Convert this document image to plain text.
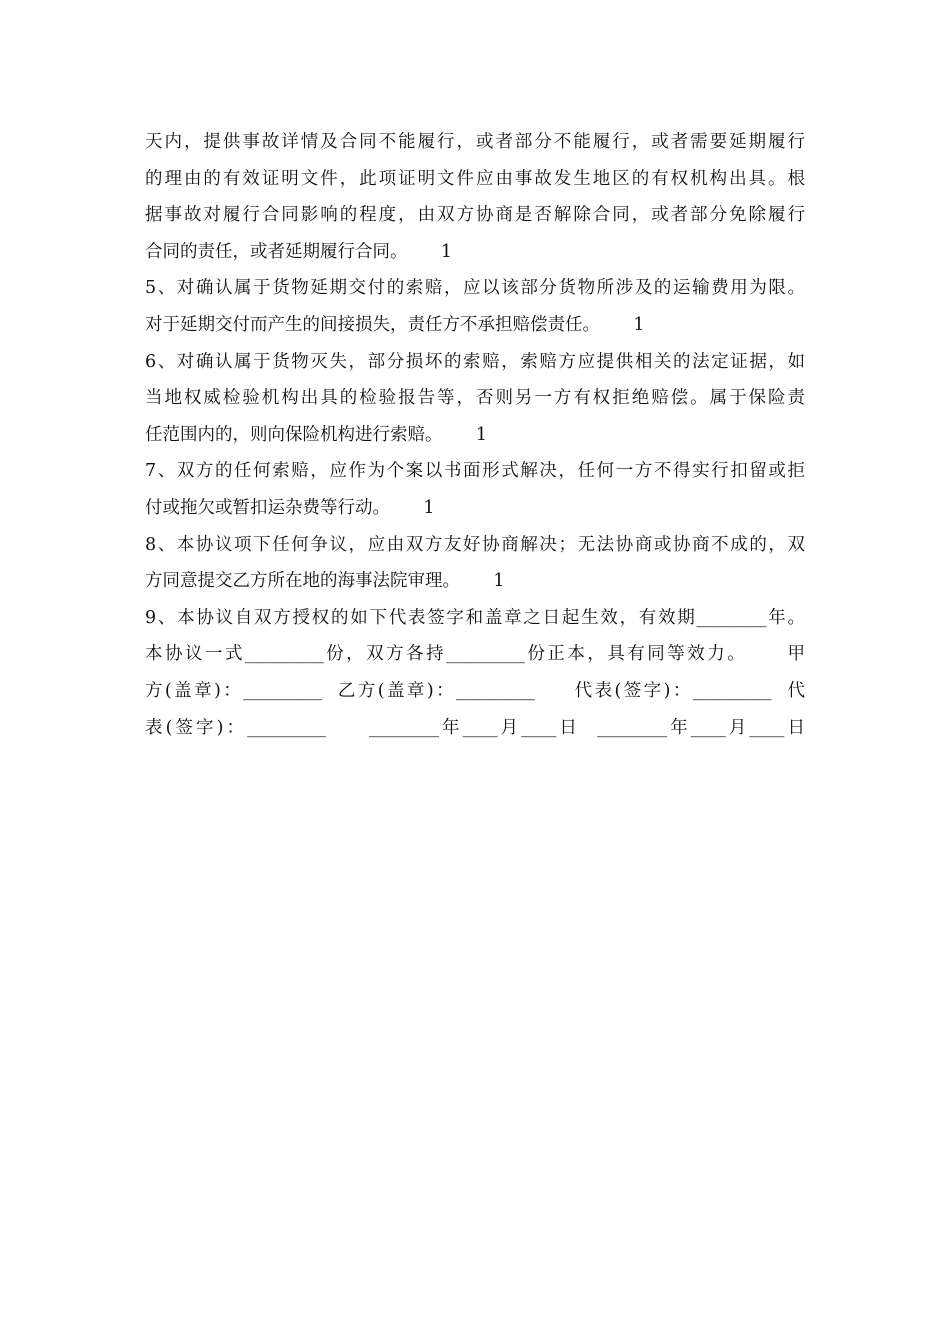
天内，提供事故详情及合同不能履行，或者部分不能履行，或者需要延期履行
的理由的有效证明文件，此项证明文件应由事故发生地区的有权机构出具。根
据事故对履行合同影响的程度，由双方协商是否解除合同，或者部分免除履行
合同的责任，或者延期履行合同。      1
5、对确认属于货物延期交付的索赔，应以该部分货物所涉及的运输费用为限。
对于延期交付而产生的间接损失，责任方不承担赔偿责任。      1
6、对确认属于货物灭失，部分损坏的索赔，索赔方应提供相关的法定证据，如
当地权威检验机构出具的检验报告等，否则另一方有权拒绝赔偿。属于保险责
任范围内的，则向保险机构进行索赔。      1
7、双方的任何索赔，应作为个案以书面形式解决，任何一方不得实行扣留或拒
付或拖欠或暂扣运杂费等行动。      1
8、本协议项下任何争议，应由双方友好协商解决；无法协商或协商不成的，双
方同意提交乙方所在地的海事法院审理。      1
9、本协议自双方授权的如下代表签字和盖章之日起生效，有效期________年。
本协议一式_________份，双方各持_________份正本，具有同等效力。     甲
方(盖章)：_________  乙方(盖章)：_________     代表(签字)：_________  代
表(签字)：_________     ________年____月____日  ________年____月____日
